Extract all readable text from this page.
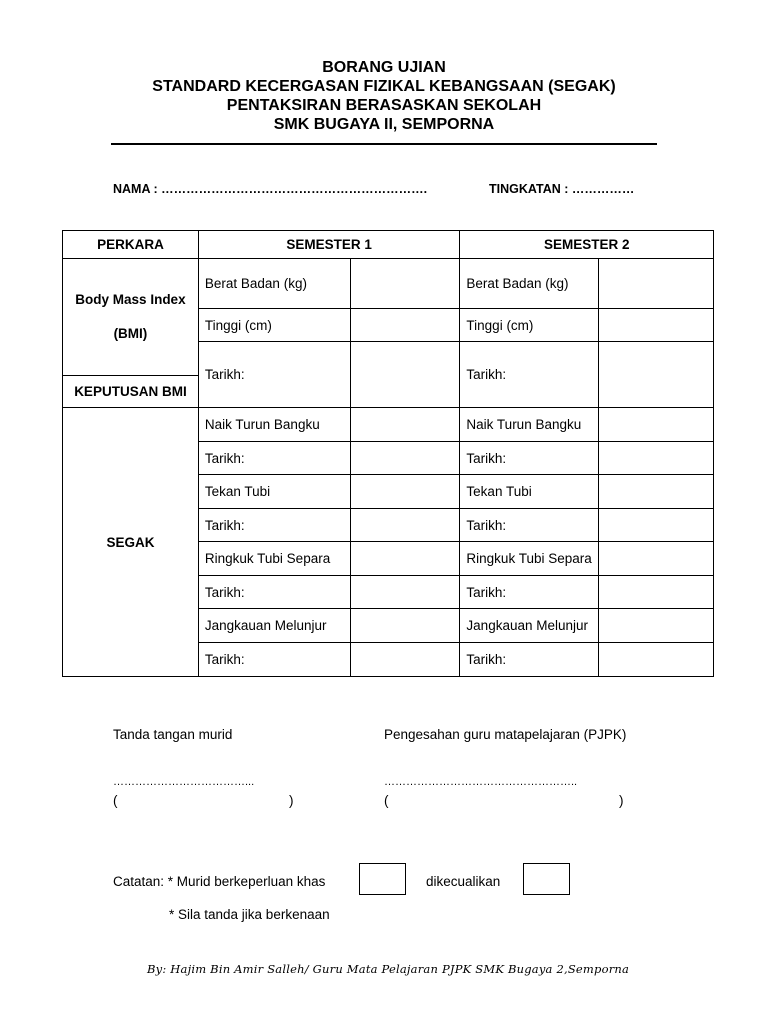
BORANG UJIAN
STANDARD KECERGASAN FIZIKAL KEBANGSAAN (SEGAK)
PENTAKSIRAN BERASASKAN SEKOLAH
SMK BUGAYA II, SEMPORNA
NAMA : ……………………………………………………….	TINGKATAN : ……………
PERKARA	SEMESTER 1		SEMESTER 2	

Body Mass Index
(BMI)	Berat Badan (kg)		Berat Badan (kg)	
	Tinggi (cm)		Tinggi (cm)	
	Tarikh:		Tarikh:	
KEPUTUSAN BMI				
SEGAK	Naik Turun Bangku		Naik Turun Bangku	
	Tarikh:		Tarikh:	
	Tekan Tubi		Tekan Tubi	
	Tarikh:		Tarikh:	
	Ringkuk Tubi Separa		Ringkuk Tubi Separa	
	Tarikh:		Tarikh:	
	Jangkauan Melunjur		Jangkauan Melunjur	
	Tarikh:		Tarikh:	
Tanda tangan murid	Pengesahan guru matapelajaran (PJPK)
………………………………...	……………………………………………..
(	)	(	)
Catatan: * Murid berkeperluan khas	dikecualikan
* Sila tanda jika berkenaan
By: Hajim Bin Amir Salleh/ Guru Mata Pelajaran PJPK SMK Bugaya 2,Semporna
